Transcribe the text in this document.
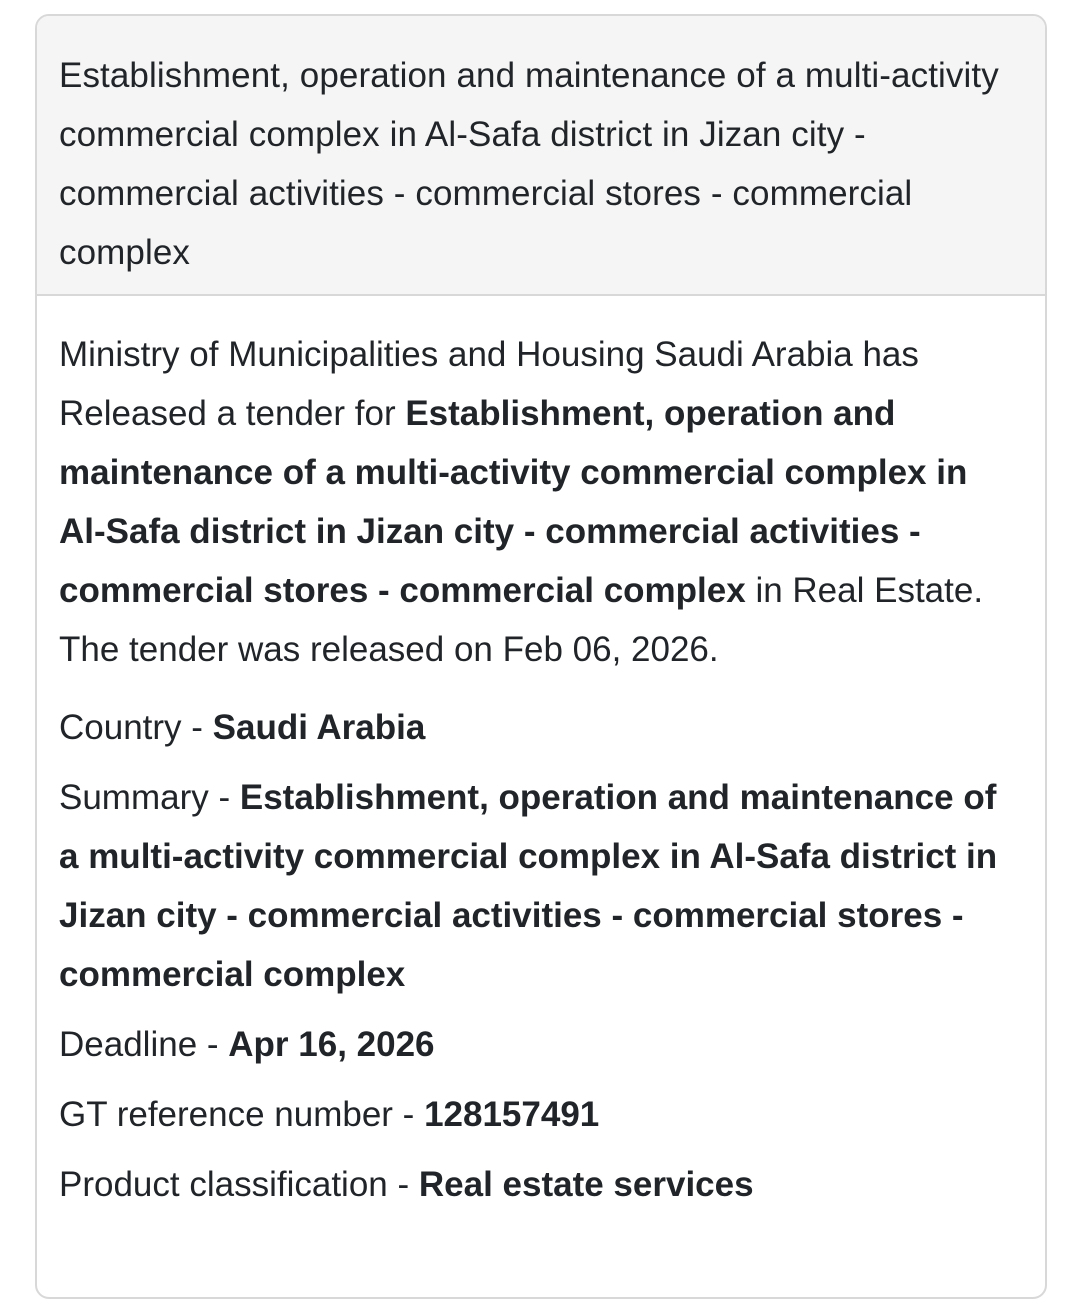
Establishment, operation and maintenance of a multi-activity commercial complex in Al-Safa district in Jizan city - commercial activities - commercial stores - commercial complex

Ministry of Municipalities and Housing Saudi Arabia has Released a tender for Establishment, operation and maintenance of a multi-activity commercial complex in Al-Safa district in Jizan city - commercial activities - commercial stores - commercial complex in Real Estate. The tender was released on Feb 06, 2026.

Country - Saudi Arabia

Summary - Establishment, operation and maintenance of a multi-activity commercial complex in Al-Safa district in Jizan city - commercial activities - commercial stores - commercial complex

Deadline - Apr 16, 2026

GT reference number - 128157491

Product classification - Real estate services
